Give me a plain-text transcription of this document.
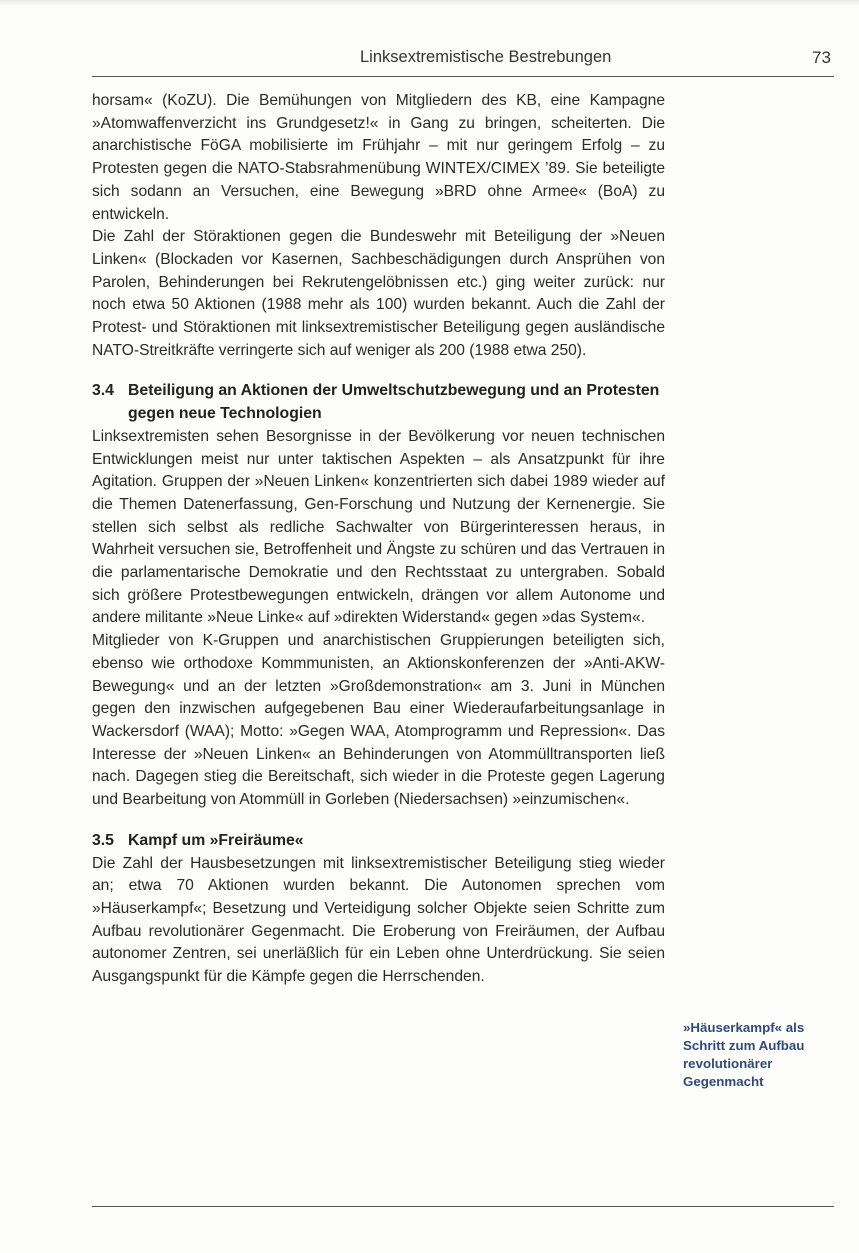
Linksextremistische Bestrebungen	73

horsam« (KoZU). Die Bemühungen von Mitgliedern des KB, eine Kampagne »Atomwaffenverzicht ins Grundgesetz!« in Gang zu bringen, scheiterten. Die anarchistische FöGA mobilisierte im Frühjahr – mit nur geringem Erfolg – zu Protesten gegen die NATO-Stabsrahmenübung WINTEX/CIMEX ’89. Sie beteiligte sich sodann an Versuchen, eine Bewegung »BRD ohne Armee« (BoA) zu entwickeln.

Die Zahl der Störaktionen gegen die Bundeswehr mit Beteiligung der »Neuen Linken« (Blockaden vor Kasernen, Sachbeschädigungen durch Ansprühen von Parolen, Behinderungen bei Rekrutengelöbnissen etc.) ging weiter zurück: nur noch etwa 50 Aktionen (1988 mehr als 100) wurden bekannt. Auch die Zahl der Protest- und Störaktionen mit linksextremistischer Beteiligung gegen ausländische NATO-Streitkräfte verringerte sich auf weniger als 200 (1988 etwa 250).

3.4 Beteiligung an Aktionen der Umweltschutzbewegung und an Protesten gegen neue Technologien

Linksextremisten sehen Besorgnisse in der Bevölkerung vor neuen technischen Entwicklungen meist nur unter taktischen Aspekten – als Ansatzpunkt für ihre Agitation. Gruppen der »Neuen Linken« konzentrierten sich dabei 1989 wieder auf die Themen Datenerfassung, Gen-Forschung und Nutzung der Kernenergie. Sie stellen sich selbst als redliche Sachwalter von Bürgerinteressen heraus, in Wahrheit versuchen sie, Betroffenheit und Ängste zu schüren und das Vertrauen in die parlamentarische Demokratie und den Rechtsstaat zu untergraben. Sobald sich größere Protestbewegungen entwickeln, drängen vor allem Autonome und andere militante »Neue Linke« auf »direkten Widerstand« gegen »das System«.

Mitglieder von K-Gruppen und anarchistischen Gruppierungen beteiligten sich, ebenso wie orthodoxe Kommmunisten, an Aktionskonferenzen der »Anti-AKW-Bewegung« und an der letzten »Großdemonstration« am 3. Juni in München gegen den inzwischen aufgegebenen Bau einer Wiederaufarbeitungsanlage in Wackersdorf (WAA); Motto: »Gegen WAA, Atomprogramm und Repression«. Das Interesse der »Neuen Linken« an Behinderungen von Atommülltransporten ließ nach. Dagegen stieg die Bereitschaft, sich wieder in die Proteste gegen Lagerung und Bearbeitung von Atommüll in Gorleben (Niedersachsen) »einzumischen«.

3.5 Kampf um »Freiräume«

Die Zahl der Hausbesetzungen mit linksextremistischer Beteiligung stieg wieder an; etwa 70 Aktionen wurden bekannt. Die Autonomen sprechen vom »Häuserkampf«; Besetzung und Verteidigung solcher Objekte seien Schritte zum Aufbau revolutionärer Gegenmacht. Die Eroberung von Freiräumen, der Aufbau autonomer Zentren, sei unerläßlich für ein Leben ohne Unterdrückung. Sie seien Ausgangspunkt für die Kämpfe gegen die Herrschenden.

»Häuserkampf« als Schritt zum Aufbau revolutionärer Gegenmacht
